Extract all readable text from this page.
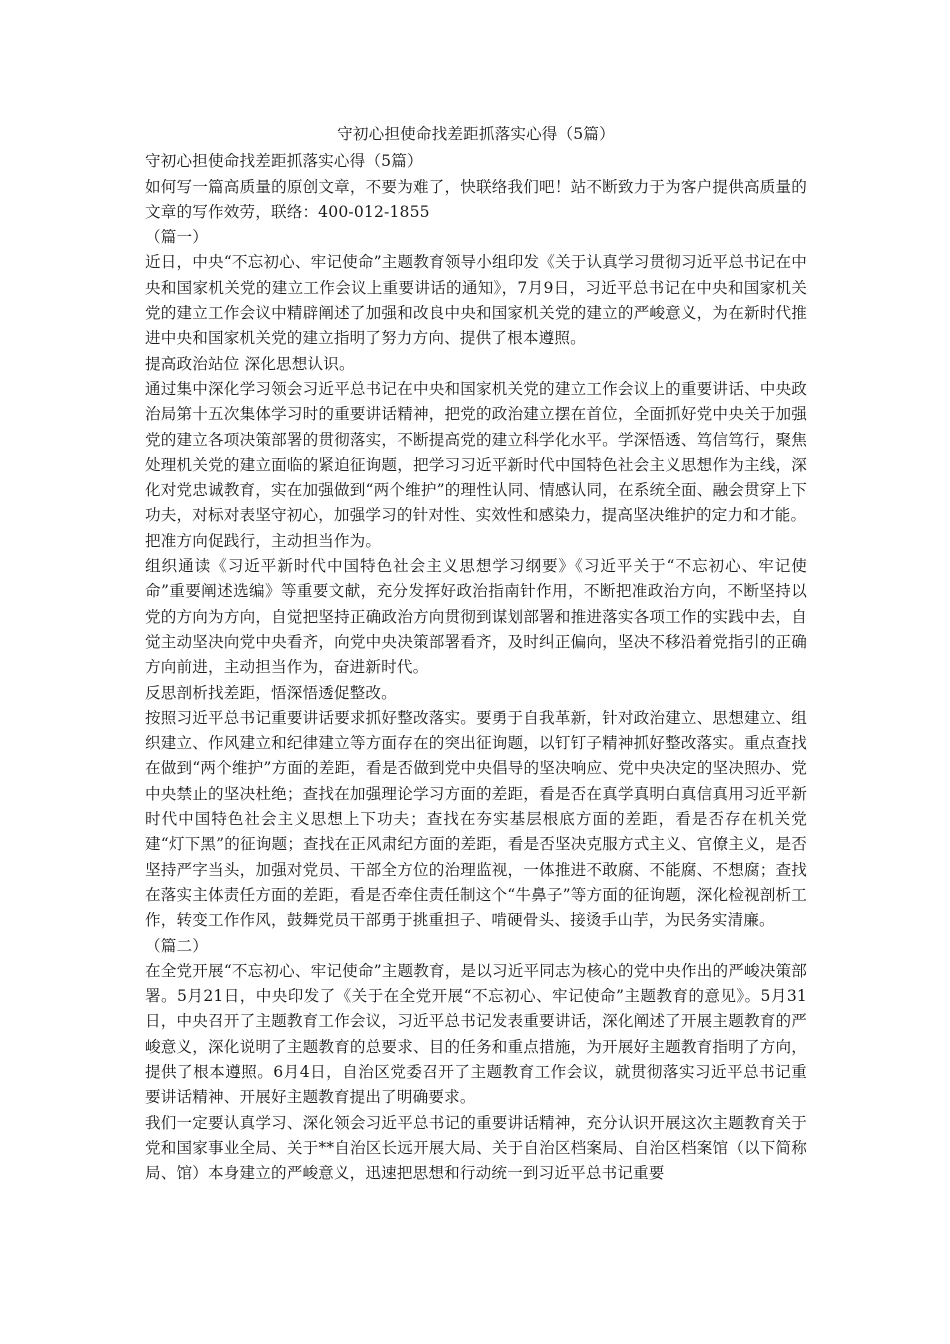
守初心担使命找差距抓落实心得（5篇）

守初心担使命找差距抓落实心得（5篇）

如何写一篇高质量的原创文章，不要为难了，快联络我们吧！站不断致力于为客户提供高质量的文章的写作效劳，联络：400-012-1855

（篇一）

近日，中央“不忘初心、牢记使命”主题教育领导小组印发《关于认真学习贯彻习近平总书记在中央和国家机关党的建立工作会议上重要讲话的通知》，7月9日，习近平总书记在中央和国家机关党的建立工作会议中精辟阐述了加强和改良中央和国家机关党的建立的严峻意义，为在新时代推进中央和国家机关党的建立指明了努力方向、提供了根本遵照。

提高政治站位 深化思想认识。

通过集中深化学习领会习近平总书记在中央和国家机关党的建立工作会议上的重要讲话、中央政治局第十五次集体学习时的重要讲话精神，把党的政治建立摆在首位，全面抓好党中央关于加强党的建立各项决策部署的贯彻落实，不断提高党的建立科学化水平。学深悟透、笃信笃行，聚焦处理机关党的建立面临的紧迫征询题，把学习习近平新时代中国特色社会主义思想作为主线，深化对党忠诚教育，实在加强做到“两个维护”的理性认同、情感认同，在系统全面、融会贯穿上下功夫，对标对表坚守初心，加强学习的针对性、实效性和感染力，提高坚决维护的定力和才能。

把准方向促践行，主动担当作为。

组织通读《习近平新时代中国特色社会主义思想学习纲要》《习近平关于“不忘初心、牢记使命”重要阐述选编》等重要文献，充分发挥好政治指南针作用，不断把准政治方向，不断坚持以党的方向为方向，自觉把坚持正确政治方向贯彻到谋划部署和推进落实各项工作的实践中去，自觉主动坚决向党中央看齐，向党中央决策部署看齐，及时纠正偏向，坚决不移沿着党指引的正确方向前进，主动担当作为，奋进新时代。

反思剖析找差距，悟深悟透促整改。

按照习近平总书记重要讲话要求抓好整改落实。要勇于自我革新，针对政治建立、思想建立、组织建立、作风建立和纪律建立等方面存在的突出征询题，以钉钉子精神抓好整改落实。重点查找在做到“两个维护”方面的差距，看是否做到党中央倡导的坚决响应、党中央决定的坚决照办、党中央禁止的坚决杜绝；查找在加强理论学习方面的差距，看是否在真学真明白真信真用习近平新时代中国特色社会主义思想上下功夫；查找在夯实基层根底方面的差距，看是否存在机关党建“灯下黑”的征询题；查找在正风肃纪方面的差距，看是否坚决克服方式主义、官僚主义，是否坚持严字当头，加强对党员、干部全方位的治理监视，一体推进不敢腐、不能腐、不想腐；查找在落实主体责任方面的差距，看是否牵住责任制这个“牛鼻子”等方面的征询题，深化检视剖析工作，转变工作作风，鼓舞党员干部勇于挑重担子、啃硬骨头、接烫手山芋，为民务实清廉。

（篇二）

在全党开展“不忘初心、牢记使命”主题教育，是以习近平同志为核心的党中央作出的严峻决策部署。5月21日，中央印发了《关于在全党开展“不忘初心、牢记使命”主题教育的意见》。5月31日，中央召开了主题教育工作会议，习近平总书记发表重要讲话，深化阐述了开展主题教育的严峻意义，深化说明了主题教育的总要求、目的任务和重点措施，为开展好主题教育指明了方向，提供了根本遵照。6月4日，自治区党委召开了主题教育工作会议，就贯彻落实习近平总书记重要讲话精神、开展好主题教育提出了明确要求。

我们一定要认真学习、深化领会习近平总书记的重要讲话精神，充分认识开展这次主题教育关于党和国家事业全局、关于**自治区长远开展大局、关于自治区档案局、自治区档案馆（以下简称局、馆）本身建立的严峻意义，迅速把思想和行动统一到习近平总书记重要
